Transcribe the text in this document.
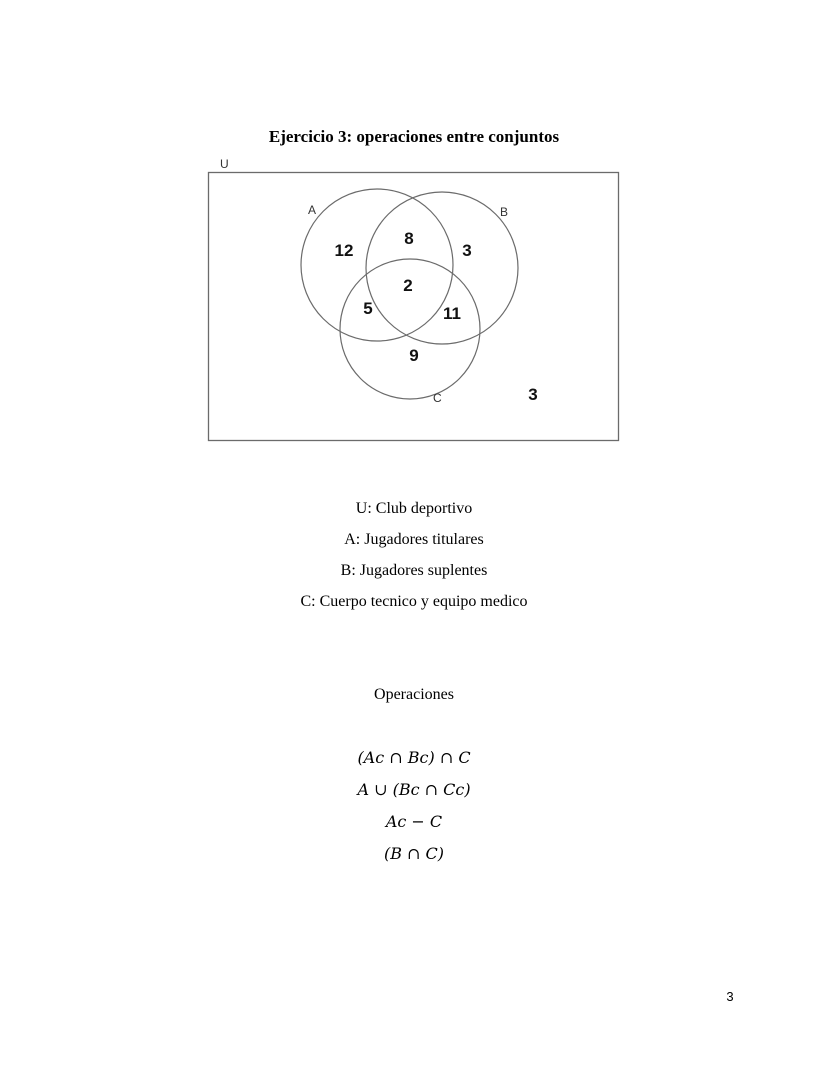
Ejercicio 3: operaciones entre conjuntos
U
A	B
C
12
8
3
2
5	11
9
3
U: Club deportivo
A: Jugadores titulares
B: Jugadores suplentes
C: Cuerpo tecnico y equipo medico
Operaciones
(Ac ∩ Bc) ∩ C
A ∪ (Bc ∩ Cc)
Ac − C
(B ∩ C)
3
